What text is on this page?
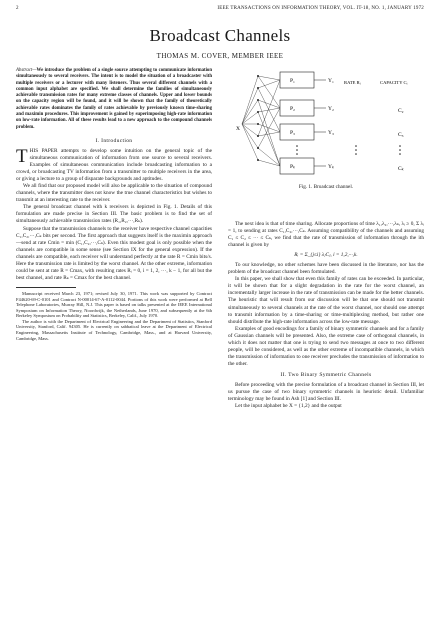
2	IEEE TRANSACTIONS ON INFORMATION THEORY, VOL. IT-18, NO. 1, JANUARY 1972
Broadcast Channels
THOMAS M. COVER, MEMBER IEEE
Abstract—We introduce the problem of a single source attempting to communicate information simultaneously to several receivers. The intent is to model the situation of a broadcaster with multiple receivers or a lecturer with many listeners. Thus several different channels with a common input alphabet are specified. We shall determine the families of simultaneously achievable transmission rates for many extreme classes of channels. Upper and lower bounds on the capacity region will be found, and it will be shown that the family of theoretically achievable rates dominates the family of rates achievable by previously known time-sharing and maximin procedures. This improvement is gained by superimposing high-rate information on low-rate information. All of these results lead to a new approach to the compound channels problem.
I. Introduction

THIS PAPER attempts to develop some intuition on the general topic of the simultaneous communication of information from one source to several receivers. Examples of simultaneous communication include broadcasting information to a crowd, or broadcasting TV information from a transmitter to multiple receivers in the area, or giving a lecture to a group of disparate backgrounds and aptitudes.

We all find that our proposed model will also be applicable to the situation of compound channels, where the transmitter does not know the true channel characteristics but wishes to transmit at an interesting rate to the receiver.

The general broadcast channel with k receivers is depicted in Fig. 1. Details of this formulation are made precise in Section III. The basic problem is to find the set of simultaneously achievable transmission rates (R₁,R₂,···,Rₖ).

Suppose that the transmission channels to the receiver have respective channel capacities C₁,C₂,···,Cₖ bits per second. The first approach that suggests itself is the maximin approach—send at rate Cmin = min (C₁,C₂,···,Cₖ). Even this modest goal is only possible when the channels are compatible in some sense (see Section IX for the general expression). If the channels are compatible, each receiver will understand perfectly at the rate R = Cmin bits/s. Here the transmission rate is limited by the worst channel. At the other extreme, information could be sent at rate R = Cmax, with resulting rates Rᵢ = 0, i = 1, 2, ···, k − 1, for all but the best channel, and rate Rₖ = Cmax for the best channel.

Manuscript received March 23, 1971; revised July 30, 1971. This work was supported by Contract F44620-69-C-0101 and Contract N-00014-67-A-0112-0044. Portions of this work were performed at Bell Telephone Laboratories, Murray Hill, N.J. This paper is based on talks presented at the IEEE International Symposium on Information Theory, Noordwijk, the Netherlands, June 1970, and subsequently at the 6th Berkeley Symposium on Probability and Statistics, Berkeley, Calif., July 1970.

The author is with the Department of Electrical Engineering and the Department of Statistics, Stanford University, Stanford, Calif. 94305. He is currently on sabbatical leave at the Department of Electrical Engineering, Massachusetts Institute of Technology, Cambridge, Mass., and at Harvard University, Cambridge, Mass.

X
P₁
P₂
P₃
Pₖ
Y₁
Y₂
Y₃
Yₖ
RATE Rᵢ	CAPACITY Cᵢ
C₂
C₃
Cₖ
Fig. 1. Broadcast channel.

The next idea is that of time sharing. Allocate proportions of time λ₁,λ₂,···,λₖ, λᵢ ≥ 0, Σ λᵢ = 1, to sending at rates C₁,C₂,···,Cₖ. Assuming compatibility of the channels and assuming C₁ ≤ C₂ ≤ ··· ≤ Cₖ, we find that the rate of transmission of information through the ith channel is given by

Rᵢ = Σ_{j≤i} λⱼCⱼ, i = 1,2,···,k.

To our knowledge, no other schemes have been discussed in the literature, nor has the problem of the broadcast channel been formulated.

In this paper, we shall show that even this family of rates can be exceeded. In particular, it will be shown that for a slight degradation in the rate for the worst channel, an incrementally larger increase in the rate of transmission can be made for the better channels. The heuristic that will result from our discussion will be that one should not transmit simultaneously to several channels at the rate of the worst channel, nor should one attempt to transmit information by a time-sharing or time-multiplexing method, but rather one should distribute the high-rate information across the low-rate message.

Examples of good encodings for a family of binary symmetric channels and for a family of Gaussian channels will be presented. Also, the extreme case of orthogonal channels, in which it does not matter that one is trying to send two messages at once to two different people, will be considered, as well as the other extreme of incompatible channels, in which the transmission of information to one receiver precludes the transmission of information to the other.

II. Two Binary Symmetric Channels

Before proceeding with the precise formulation of a broadcast channel in Section III, let us pursue the case of two binary symmetric channels in heuristic detail. Unfamiliar terminology may be found in Ash [1] and Section III.

Let the input alphabet be X = {1,2} and the output
